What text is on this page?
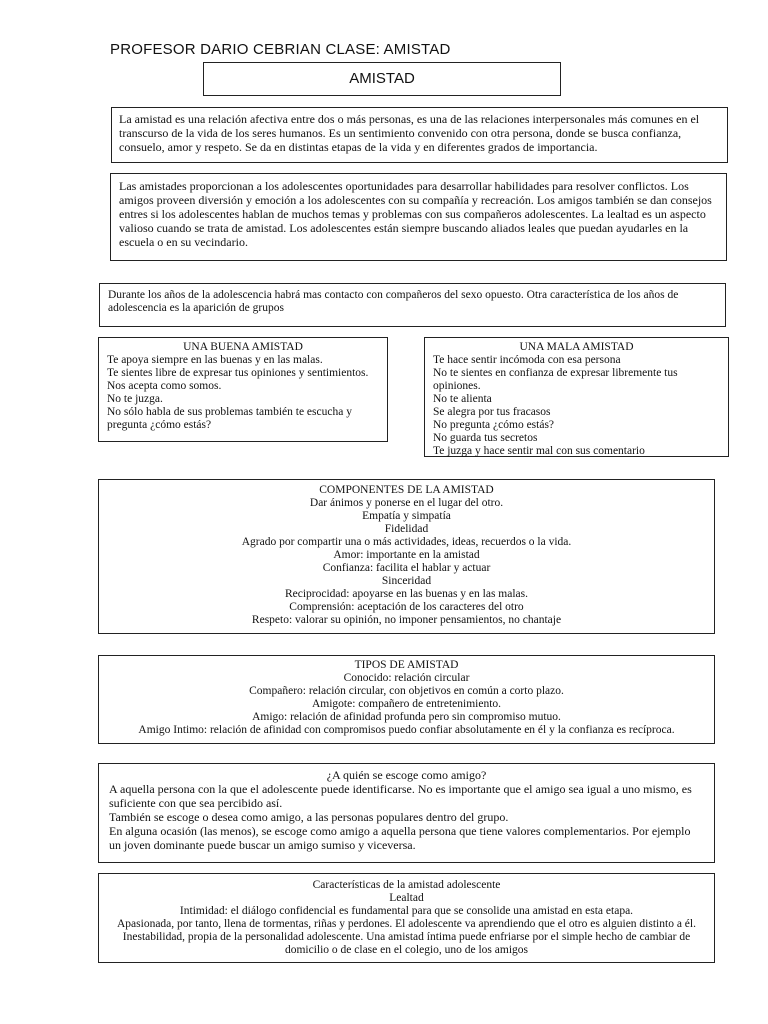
PROFESOR DARIO CEBRIAN CLASE: AMISTAD
AMISTAD

La amistad es una relación afectiva entre dos o más personas, es una de las relaciones interpersonales más comunes en el transcurso de la vida de los seres humanos. Es un sentimiento convenido con otra persona, donde se busca confianza, consuelo, amor y respeto. Se da en distintas etapas de la vida y en diferentes grados de importancia.

Las amistades proporcionan a los adolescentes oportunidades para desarrollar habilidades para resolver conflictos. Los amigos proveen diversión y emoción a los adolescentes con su compañía y recreación. Los amigos también se dan consejos entres si los adolescentes hablan de muchos temas y problemas con sus compañeros adolescentes. La lealtad es un aspecto valioso cuando se trata de amistad. Los adolescentes están siempre buscando aliados leales que puedan ayudarles en la escuela o en su vecindario.

Durante los años de la adolescencia habrá mas contacto con compañeros del sexo opuesto. Otra característica de los años de adolescencia es la aparición de grupos

UNA BUENA AMISTAD
Te apoya siempre en las buenas y en las malas.
Te sientes libre de expresar tus opiniones y sentimientos.
Nos acepta como somos.
No te juzga.
No sólo habla de sus problemas también te escucha y
pregunta ¿cómo estás?
UNA MALA AMISTAD
Te hace sentir incómoda con esa persona
No te sientes en confianza de expresar libremente tus
opiniones.
No te alienta
Se alegra por tus fracasos
No pregunta ¿cómo estás?
No guarda tus secretos
Te juzga y hace sentir mal con sus comentario
COMPONENTES DE LA AMISTAD
Dar ánimos y ponerse en el lugar del otro.
Empatía y simpatía
Fidelidad
Agrado por compartir una o más actividades, ideas, recuerdos o la vida.
Amor: importante en la amistad
Confianza: facilita el hablar y actuar
Sinceridad
Reciprocidad: apoyarse en las buenas y en las malas.
Comprensión: aceptación de los caracteres del otro
Respeto: valorar su opinión, no imponer pensamientos, no chantaje
TIPOS DE AMISTAD
Conocido: relación circular
Compañero: relación circular, con objetivos en común a corto plazo.
Amigote: compañero de entretenimiento.
Amigo: relación de afinidad profunda pero sin compromiso mutuo.
Amigo Intimo: relación de afinidad con compromisos puedo confiar absolutamente en él y la confianza es recíproca.
¿A quién se escoge como amigo?
A aquella persona con la que el adolescente puede identificarse. No es importante que el amigo sea igual a uno mismo, es suficiente con que sea percibido así.
También se escoge o desea como amigo, a las personas populares dentro del grupo.
En alguna ocasión (las menos), se escoge como amigo a aquella persona que tiene valores complementarios. Por ejemplo un joven dominante puede buscar un amigo sumiso y viceversa.
Características de la amistad adolescente
Lealtad
Intimidad: el diálogo confidencial es fundamental para que se consolide una amistad en esta etapa.
Apasionada, por tanto, llena de tormentas, riñas y perdones. El adolescente va aprendiendo que el otro es alguien distinto a él.
Inestabilidad, propia de la personalidad adolescente. Una amistad íntima puede enfriarse por el simple hecho de cambiar de domicilio o de clase en el colegio, uno de los amigos
